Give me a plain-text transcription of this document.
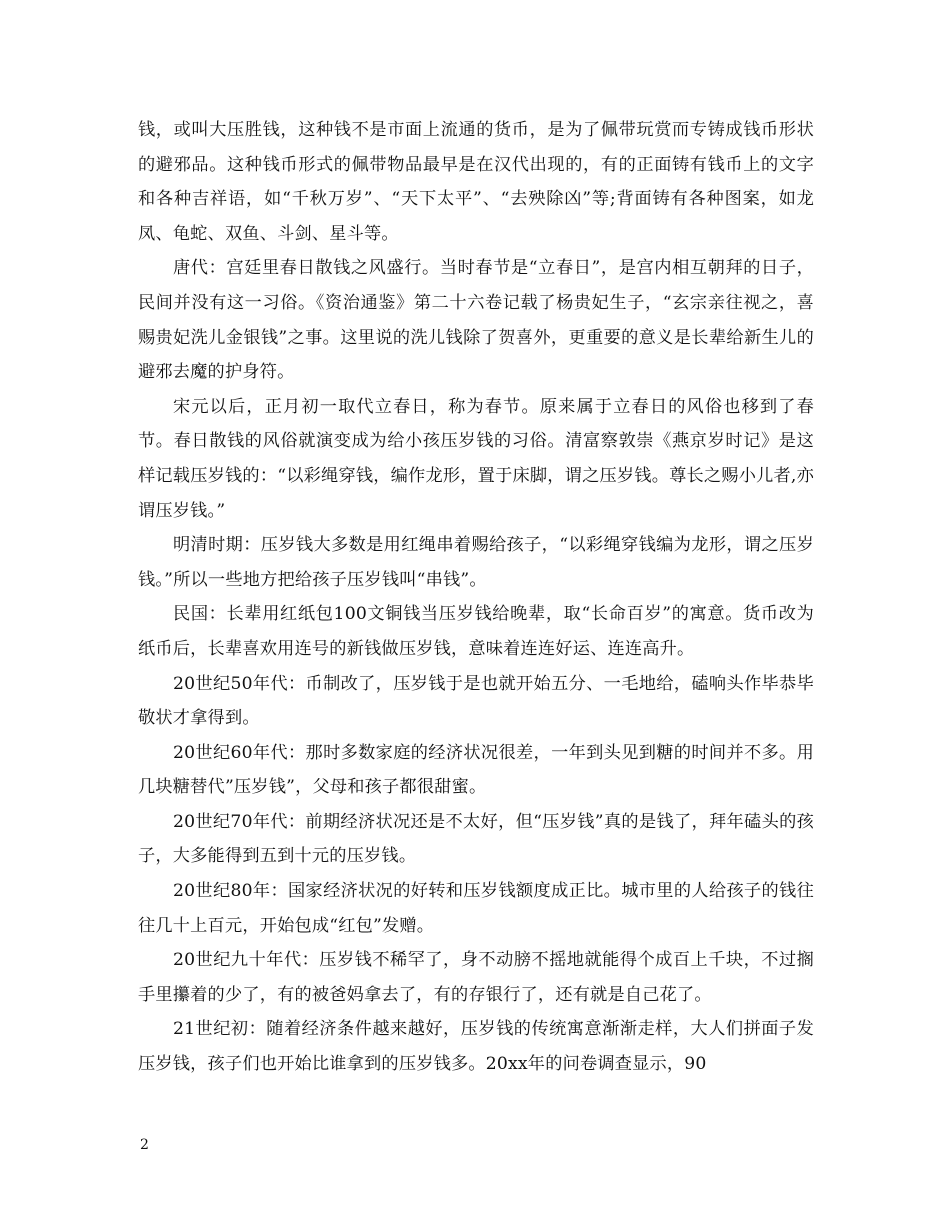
钱，或叫大压胜钱，这种钱不是市面上流通的货币，是为了佩带玩赏而专铸成钱币形状的避邪品。这种钱币形式的佩带物品最早是在汉代出现的，有的正面铸有钱币上的文字和各种吉祥语，如“千秋万岁”、“天下太平”、“去殃除凶”等;背面铸有各种图案，如龙凤、龟蛇、双鱼、斗剑、星斗等。

唐代：宫廷里春日散钱之风盛行。当时春节是“立春日”，是宫内相互朝拜的日子，民间并没有这一习俗。《资治通鉴》第二十六卷记载了杨贵妃生子，“玄宗亲往视之，喜赐贵妃洗儿金银钱”之事。这里说的洗儿钱除了贺喜外，更重要的意义是长辈给新生儿的避邪去魔的护身符。

宋元以后，正月初一取代立春日，称为春节。原来属于立春日的风俗也移到了春节。春日散钱的风俗就演变成为给小孩压岁钱的习俗。清富察敦崇《燕京岁时记》是这样记载压岁钱的：“以彩绳穿钱，编作龙形，置于床脚，谓之压岁钱。尊长之赐小儿者,亦谓压岁钱。”

明清时期：压岁钱大多数是用红绳串着赐给孩子，“以彩绳穿钱编为龙形，谓之压岁钱。”所以一些地方把给孩子压岁钱叫“串钱”。

民国：长辈用红纸包100文铜钱当压岁钱给晚辈，取“长命百岁”的寓意。货币改为纸币后，长辈喜欢用连号的新钱做压岁钱，意味着连连好运、连连高升。

20世纪50年代：币制改了，压岁钱于是也就开始五分、一毛地给，磕响头作毕恭毕敬状才拿得到。

20世纪60年代：那时多数家庭的经济状况很差，一年到头见到糖的时间并不多。用几块糖替代”压岁钱”，父母和孩子都很甜蜜。

20世纪70年代：前期经济状况还是不太好，但“压岁钱”真的是钱了，拜年磕头的孩子，大多能得到五到十元的压岁钱。

20世纪80年：国家经济状况的好转和压岁钱额度成正比。城市里的人给孩子的钱往往几十上百元，开始包成“红包”发赠。

20世纪九十年代：压岁钱不稀罕了，身不动膀不摇地就能得个成百上千块，不过搁手里攥着的少了，有的被爸妈拿去了，有的存银行了，还有就是自己花了。

21世纪初：随着经济条件越来越好，压岁钱的传统寓意渐渐走样，大人们拼面子发压岁钱，孩子们也开始比谁拿到的压岁钱多。20xx年的问卷调查显示，90

2
